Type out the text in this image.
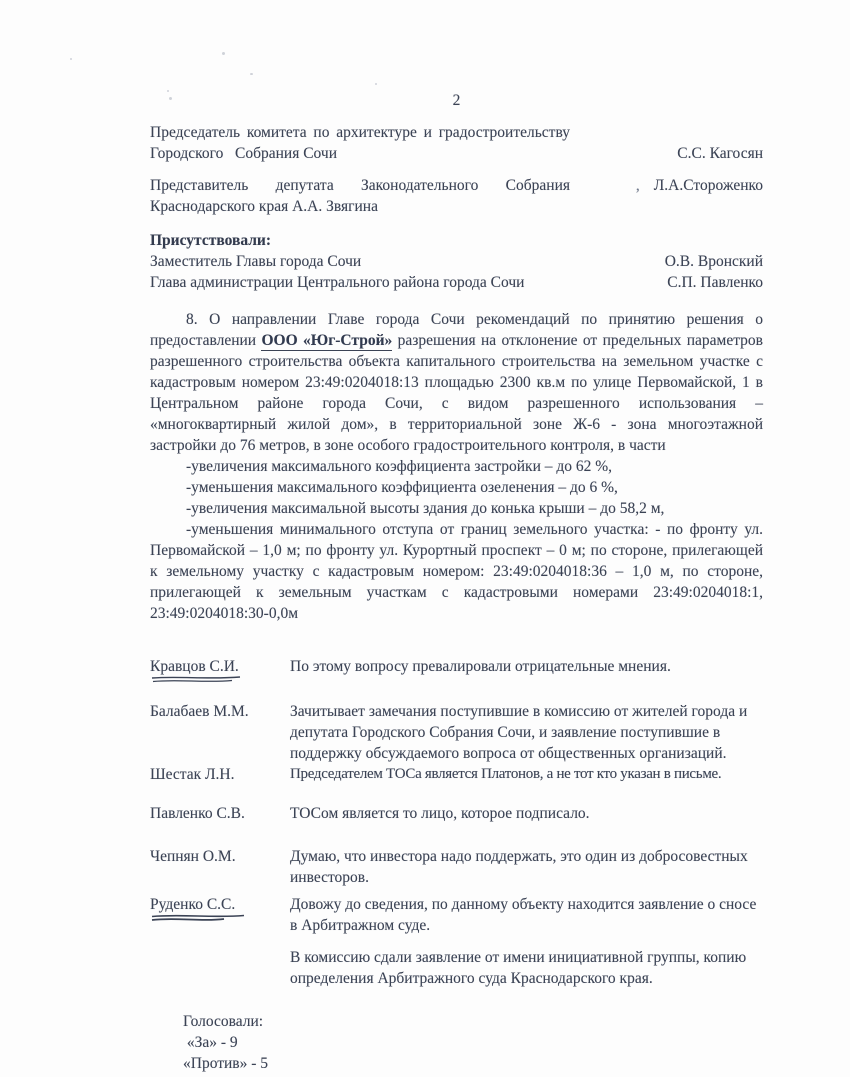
2
Председатель комитета по архитектуре и градостроительству
Городского   Собрания Сочи	С.С. Кагосян
Представитель депутата Законодательного Собрания
Краснодарского края А.А. Звягина
, Л.А.Стороженко
Присутствовали:
Заместитель Главы города Сочи	О.В. Вронский
Глава администрации Центрального района города Сочи	С.П. Павленко
8. О направлении Главе города Сочи рекомендаций по принятию решения о
предоставлении ООО «Юг-Строй» разрешения на отклонение от предельных параметров
разрешенного строительства объекта капитального строительства на земельном участке с
кадастровым номером 23:49:0204018:13 площадью 2300 кв.м по улице Первомайской, 1 в
Центральном районе города Сочи, с видом разрешенного использования –
«многоквартирный жилой дом», в территориальной зоне Ж-6 - зона многоэтажной
застройки до 76 метров, в зоне особого градостроительного контроля, в части
-увеличения максимального коэффициента застройки – до 62 %,
-уменьшения максимального коэффициента озеленения – до 6 %,
-увеличения максимальной высоты здания до конька крыши – до 58,2 м,
-уменьшения минимального отступа от границ земельного участка: - по фронту ул.
Первомайской – 1,0 м; по фронту ул. Курортный проспект – 0 м; по стороне, прилегающей
к земельному участку с кадастровым номером: 23:49:0204018:36 – 1,0 м, по стороне,
прилегающей к земельным участкам с кадастровыми номерами 23:49:0204018:1,
23:49:0204018:30-0,0м
Кравцов С.И.	По этому вопросу превалировали отрицательные мнения.

Балабаев М.М.	Зачитывает замечания поступившие в комиссию от жителей города и депутата Городского Собрания Сочи, и заявление поступившие в поддержку обсуждаемого вопроса от общественных организаций.

Шестак Л.Н.	Председателем ТОСа является Платонов, а не тот кто указан в письме.

Павленко С.В.	ТОСом является то лицо, которое подписало.

Чепнян О.М.	Думаю, что инвестора надо поддержать, это один из добросовестных инвесторов.

Руденко С.С.	Довожу до сведения, по данному объекту находится заявление о сносе в Арбитражном суде.

В комиссию сдали заявление от имени инициативной группы, копию определения Арбитражного суда Краснодарского края.

Голосовали:
«За» - 9
«Против» - 5
